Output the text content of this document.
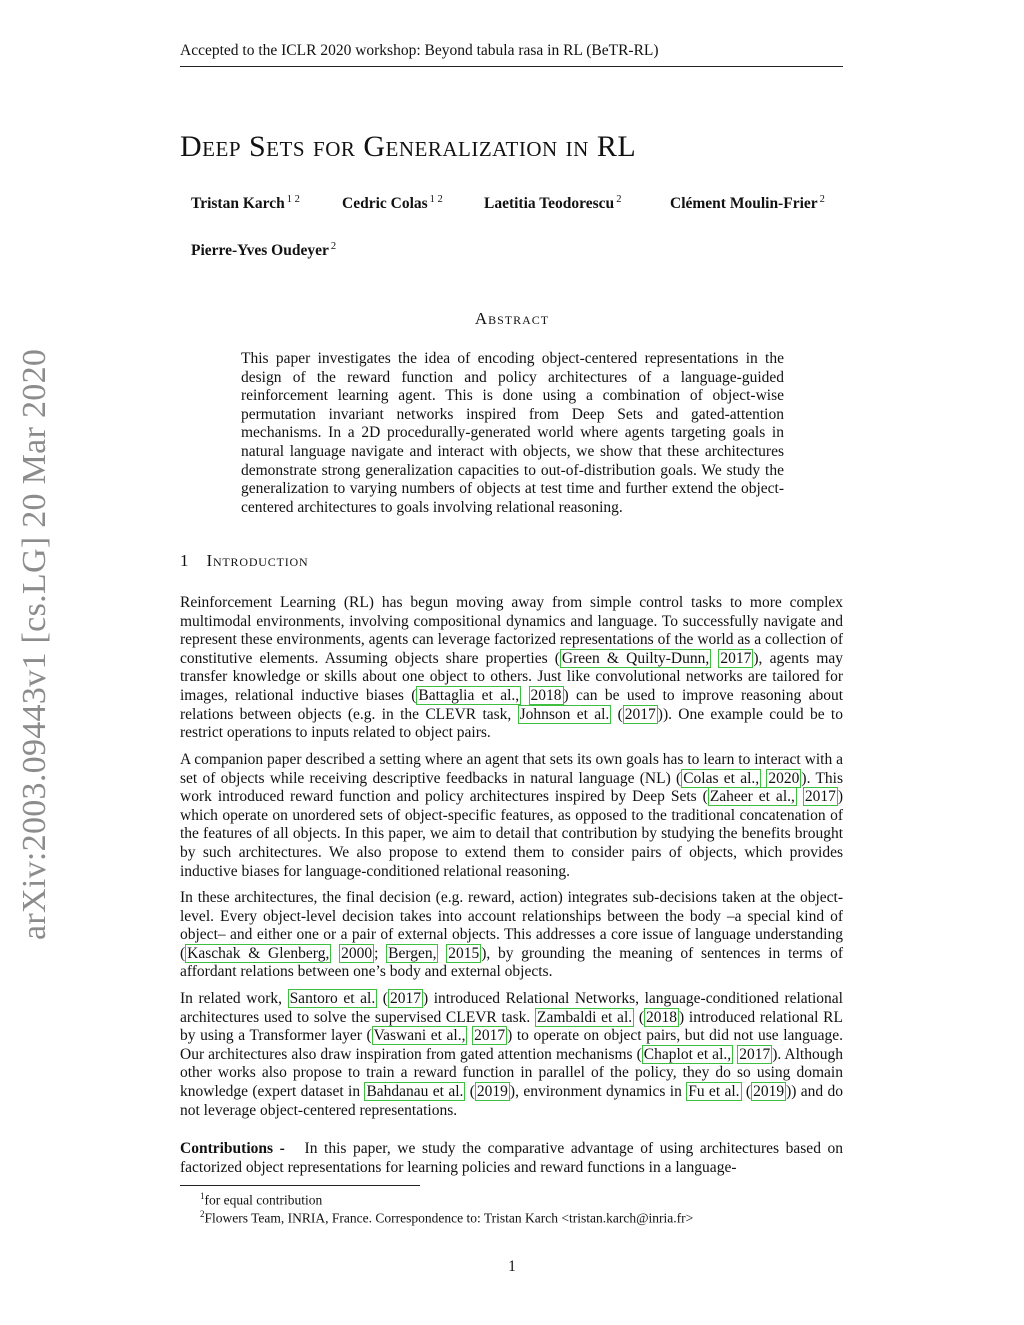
Accepted to the ICLR 2020 workshop: Beyond tabula rasa in RL (BeTR-RL)
arXiv:2003.09443v1 [cs.LG] 20 Mar 2020
Deep Sets for Generalization in RL
Tristan Karch $^{1 2}$	Cedric Colas $^{1 2}$	Laetitia Teodorescu $^2$	Clément Moulin-Frier $^2$
Pierre-Yves Oudeyer $^2$
Abstract

This paper investigates the idea of encoding object-centered representations in the design of the reward function and policy architectures of a language-guided reinforcement learning agent. This is done using a combination of object-wise permutation invariant networks inspired from Deep Sets and gated-attention mechanisms. In a 2D procedurally-generated world where agents targeting goals in natural language navigate and interact with objects, we show that these architectures demonstrate strong generalization capacities to out-of-distribution goals. We study the generalization to varying numbers of objects at test time and further extend the object-centered architectures to goals involving relational reasoning.

1 Introduction

Reinforcement Learning (RL) has begun moving away from simple control tasks to more complex multimodal environments, involving compositional dynamics and language. To successfully navigate and represent these environments, agents can leverage factorized representations of the world as a collection of constitutive elements. Assuming objects share properties ( Green & Quilty-Dunn, 2017 ), agents may transfer knowledge or skills about one object to others. Just like convolutional networks are tailored for images, relational inductive biases ( Battaglia et al., 2018 ) can be used to improve reasoning about relations between objects (e.g. in the CLEVR task, Johnson et al. ( 2017 )). One example could be to restrict operations to inputs related to object pairs.

A companion paper described a setting where an agent that sets its own goals has to learn to interact with a set of objects while receiving descriptive feedbacks in natural language (NL) ( Colas et al., 2020 ). This work introduced reward function and policy architectures inspired by Deep Sets ( Zaheer et al., 2017 ) which operate on unordered sets of object-specific features, as opposed to the traditional concatenation of the features of all objects. In this paper, we aim to detail that contribution by studying the benefits brought by such architectures. We also propose to extend them to consider pairs of objects, which provides inductive biases for language-conditioned relational reasoning.

In these architectures, the final decision (e.g. reward, action) integrates sub-decisions taken at the object-level. Every object-level decision takes into account relationships between the body –a special kind of object– and either one or a pair of external objects. This addresses a core issue of language understanding ( Kaschak & Glenberg, 2000 ; Bergen, 2015 ), by grounding the meaning of sentences in terms of affordant relations between one’s body and external objects.

In related work, Santoro et al. ( 2017 ) introduced Relational Networks, language-conditioned relational architectures used to solve the supervised CLEVR task. Zambaldi et al. ( 2018 ) introduced relational RL by using a Transformer layer ( Vaswani et al., 2017 ) to operate on object pairs, but did not use language. Our architectures also draw inspiration from gated attention mechanisms ( Chaplot et al., 2017 ). Although other works also propose to train a reward function in parallel of the policy, they do so using domain knowledge (expert dataset in Bahdanau et al. ( 2019 ), environment dynamics in Fu et al. ( 2019 )) and do not leverage object-centered representations.

Contributions - In this paper, we study the comparative advantage of using architectures based on factorized object representations for learning policies and reward functions in a language-

$^1$for equal contribution
$^2$Flowers Team, INRIA, France. Correspondence to: Tristan Karch <tristan.karch@inria.fr>
1
